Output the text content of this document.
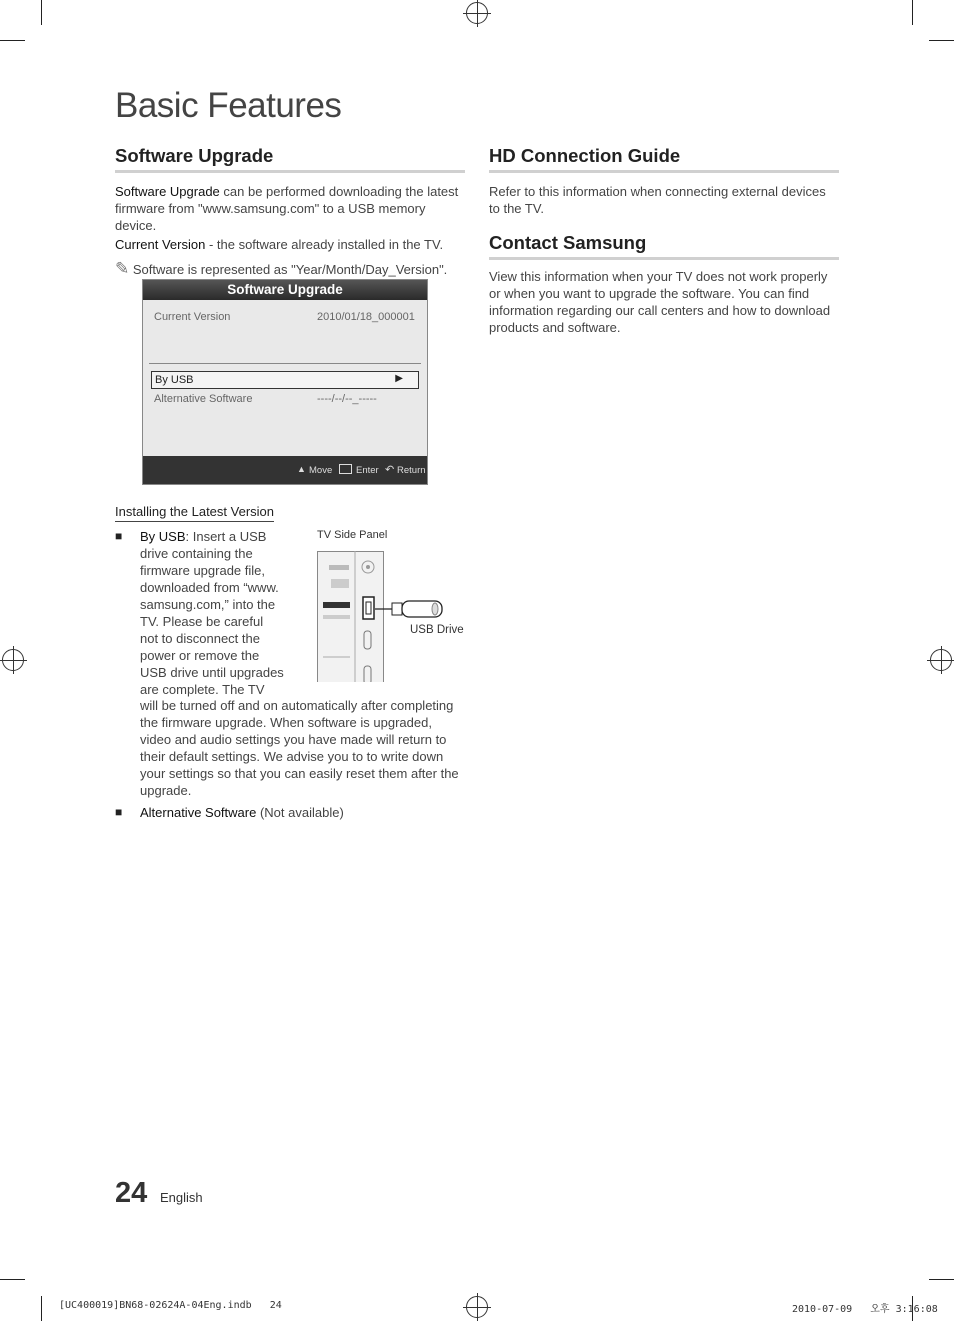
Basic Features
Software Upgrade

Software Upgrade can be performed downloading the latest firmware from "www.samsung.com" to a USB memory device.

Current Version - the software already installed in the TV.

✎ Software is represented as "Year/Month/Day_Version".

Software Upgrade
Current Version	2010/01/18_000001
By USB	▶
Alternative Software	----/--/--_-----
▲ Move	Enter ↶ Return
Installing the Latest Version
■ By USB: Insert a USB
drive containing the
firmware upgrade file,
downloaded from “www.
samsung.com,” into the
TV. Please be careful
not to disconnect the
power or remove the
USB drive until upgrades
are complete. The TV
will be turned off and on automatically after completing the firmware upgrade. When software is upgraded, video and audio settings you have made will return to their default settings. We advise you to to write down your settings so that you can easily reset them after the upgrade.
■ Alternative Software (Not available)
TV Side Panel
USB Drive
HD Connection Guide

Refer to this information when connecting external devices to the TV.

Contact Samsung

View this information when your TV does not work properly or when you want to upgrade the software. You can find information regarding our call centers and how to download products and software.

24 English
[UC400019]BN68-02624A-04Eng.indb   24	2010-07-09   오후 3:16:08
